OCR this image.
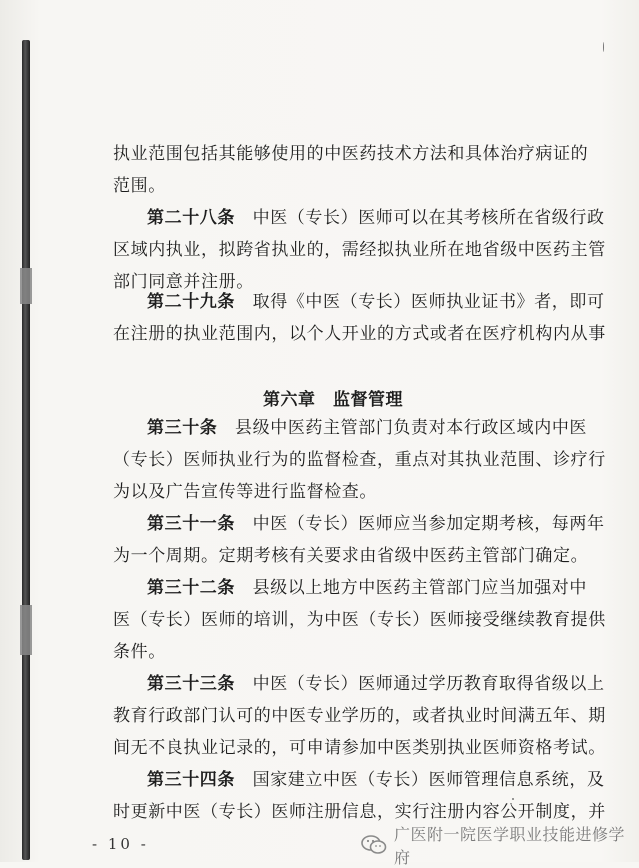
执业范围包括其能够使用的中医药技术方法和具体治疗病证的
范围。
第二十八条　 中医（专长）医师可以在其考核所在省级行政
区域内执业，拟跨省执业的，需经拟执业所在地省级中医药主管
部门同意并注册。
第二十九条　 取得《中医（专长）医师执业证书》者，即可
在注册的执业范围内，以个人开业的方式或者在医疗机构内从事
第六章　监督管理
第三十条　 县级中医药主管部门负责对本行政区域内中医
（专长）医师执业行为的监督检查，重点对其执业范围、诊疗行
为以及广告宣传等进行监督检查。
第三十一条　 中医（专长）医师应当参加定期考核，每两年
为一个周期。定期考核有关要求由省级中医药主管部门确定。
第三十二条　 县级以上地方中医药主管部门应当加强对中
医（专长）医师的培训，为中医（专长）医师接受继续教育提供
条件。
第三十三条　 中医（专长）医师通过学历教育取得省级以上
教育行政部门认可的中医专业学历的，或者执业时间满五年、期
间无不良执业记录的，可申请参加中医类别执业医师资格考试。
第三十四条　 国家建立中医（专长）医师管理信息系统，及
时更新中医（专长）医师注册信息，实行注册内容公开制度，并
- 10 -	广医附一院医学职业技能进修学府
